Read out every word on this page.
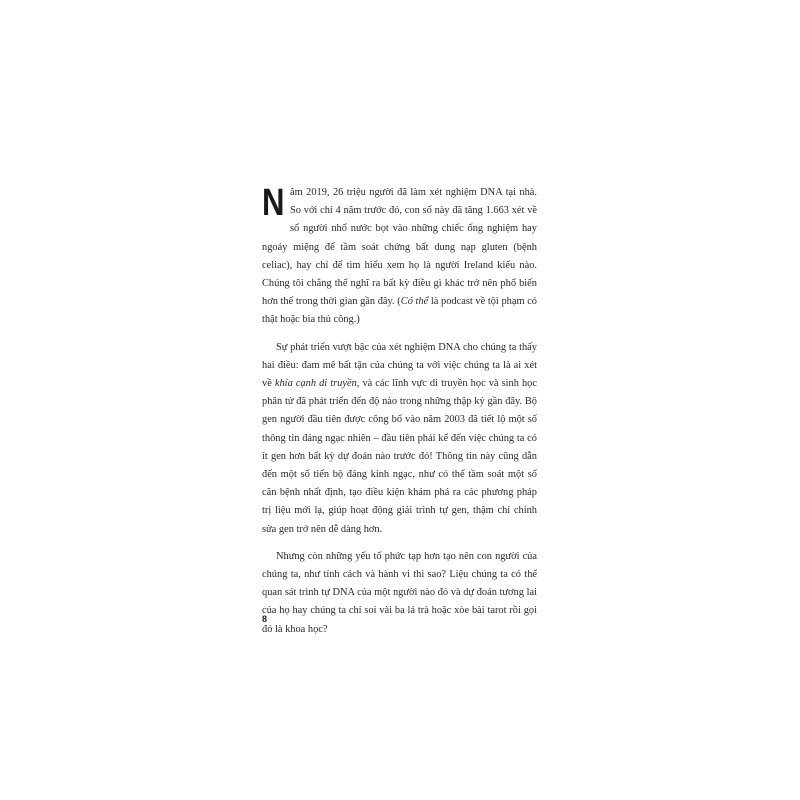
Năm 2019, 26 triệu người đã làm xét nghiệm DNA tại nhà. So với chỉ 4 năm trước đó, con số này đã tăng 1.663 xét về số người nhổ nước bọt vào những chiếc ống nghiệm hay ngoáy miệng để tầm soát chứng bất dung nạp gluten (bệnh celiac), hay chỉ để tìm hiểu xem họ là người Ireland kiểu nào. Chúng tôi chẳng thể nghĩ ra bất kỳ điều gì khác trở nên phổ biến hơn thế trong thời gian gần đây. (Có thể là podcast về tội phạm có thật hoặc bia thủ công.)

Sự phát triển vượt bậc của xét nghiệm DNA cho chúng ta thấy hai điều: đam mê bất tận của chúng ta với việc chúng ta là ai xét về khía cạnh di truyền, và các lĩnh vực di truyền học và sinh học phân tử đã phát triển đến độ nào trong những thập kỷ gần đây. Bộ gen người đầu tiên được công bố vào năm 2003 đã tiết lộ một số thông tin đáng ngạc nhiên – đầu tiên phải kể đến việc chúng ta có ít gen hơn bất kỳ dự đoán nào trước đó! Thông tin này cũng dẫn đến một số tiến bộ đáng kinh ngạc, như có thể tầm soát một số căn bệnh nhất định, tạo điều kiện khám phá ra các phương pháp trị liệu mới lạ, giúp hoạt động giải trình tự gen, thậm chí chỉnh sửa gen trở nên dễ dàng hơn.

Nhưng còn những yếu tố phức tạp hơn tạo nên con người của chúng ta, như tính cách và hành vi thì sao? Liệu chúng ta có thể quan sát trình tự DNA của một người nào đó và dự đoán tương lai của họ hay chúng ta chỉ soi vài ba lá trà hoặc xòe bài tarot rồi gọi đó là khoa học?

8
